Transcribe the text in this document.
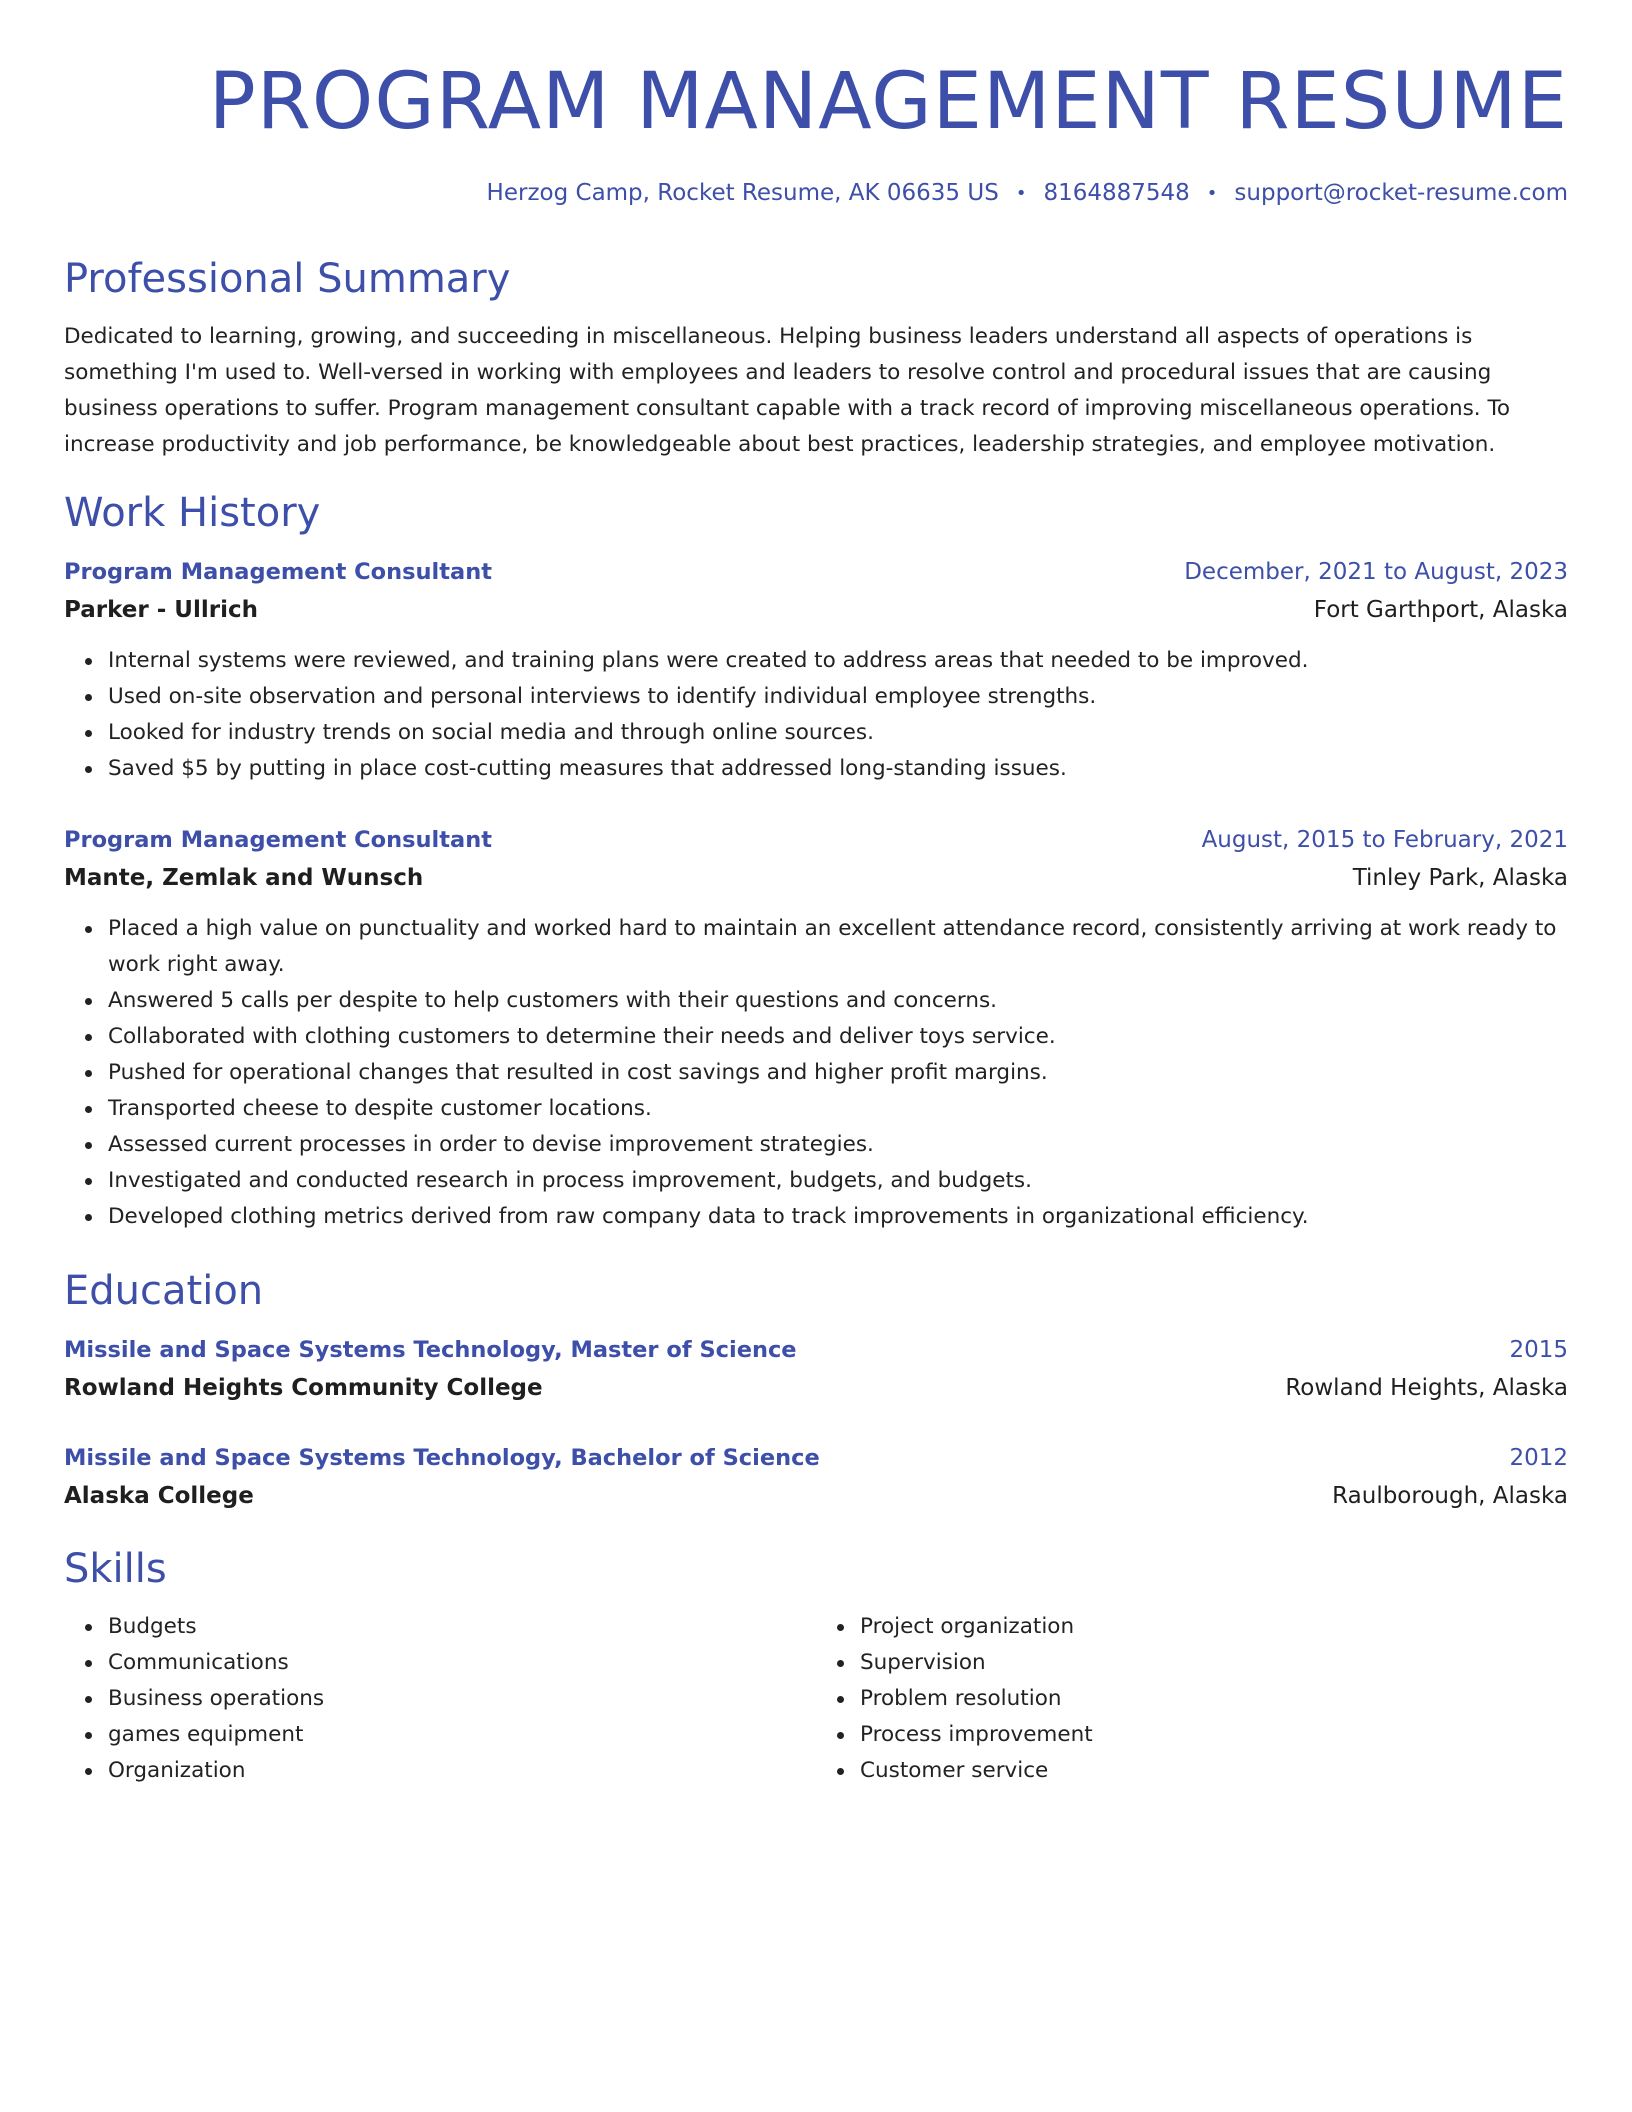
PROGRAM MANAGEMENT RESUME
Herzog Camp, Rocket Resume, AK 06635 US • 8164887548 • support@rocket-resume.com
Professional Summary

Dedicated to learning, growing, and succeeding in miscellaneous. Helping business leaders understand all aspects of operations is something I'm used to. Well-versed in working with employees and leaders to resolve control and procedural issues that are causing business operations to suffer. Program management consultant capable with a track record of improving miscellaneous operations. To increase productivity and job performance, be knowledgeable about best practices, leadership strategies, and employee motivation.

Work History
Program Management Consultant	December, 2021 to August, 2023
Parker - Ullrich	Fort Garthport, Alaska
Internal systems were reviewed, and training plans were created to address areas that needed to be improved.
Used on-site observation and personal interviews to identify individual employee strengths.
Looked for industry trends on social media and through online sources.
Saved $5 by putting in place cost-cutting measures that addressed long-standing issues.
Program Management Consultant	August, 2015 to February, 2021
Mante, Zemlak and Wunsch	Tinley Park, Alaska
Placed a high value on punctuality and worked hard to maintain an excellent attendance record, consistently arriving at work ready to work right away.
Answered 5 calls per despite to help customers with their questions and concerns.
Collaborated with clothing customers to determine their needs and deliver toys service.
Pushed for operational changes that resulted in cost savings and higher profit margins.
Transported cheese to despite customer locations.
Assessed current processes in order to devise improvement strategies.
Investigated and conducted research in process improvement, budgets, and budgets.
Developed clothing metrics derived from raw company data to track improvements in organizational efficiency.
Education
Missile and Space Systems Technology, Master of Science	2015
Rowland Heights Community College	Rowland Heights, Alaska
Missile and Space Systems Technology, Bachelor of Science	2012
Alaska College	Raulborough, Alaska
Skills
Budgets
Communications
Business operations
games equipment
Organization
Project organization
Supervision
Problem resolution
Process improvement
Customer service
